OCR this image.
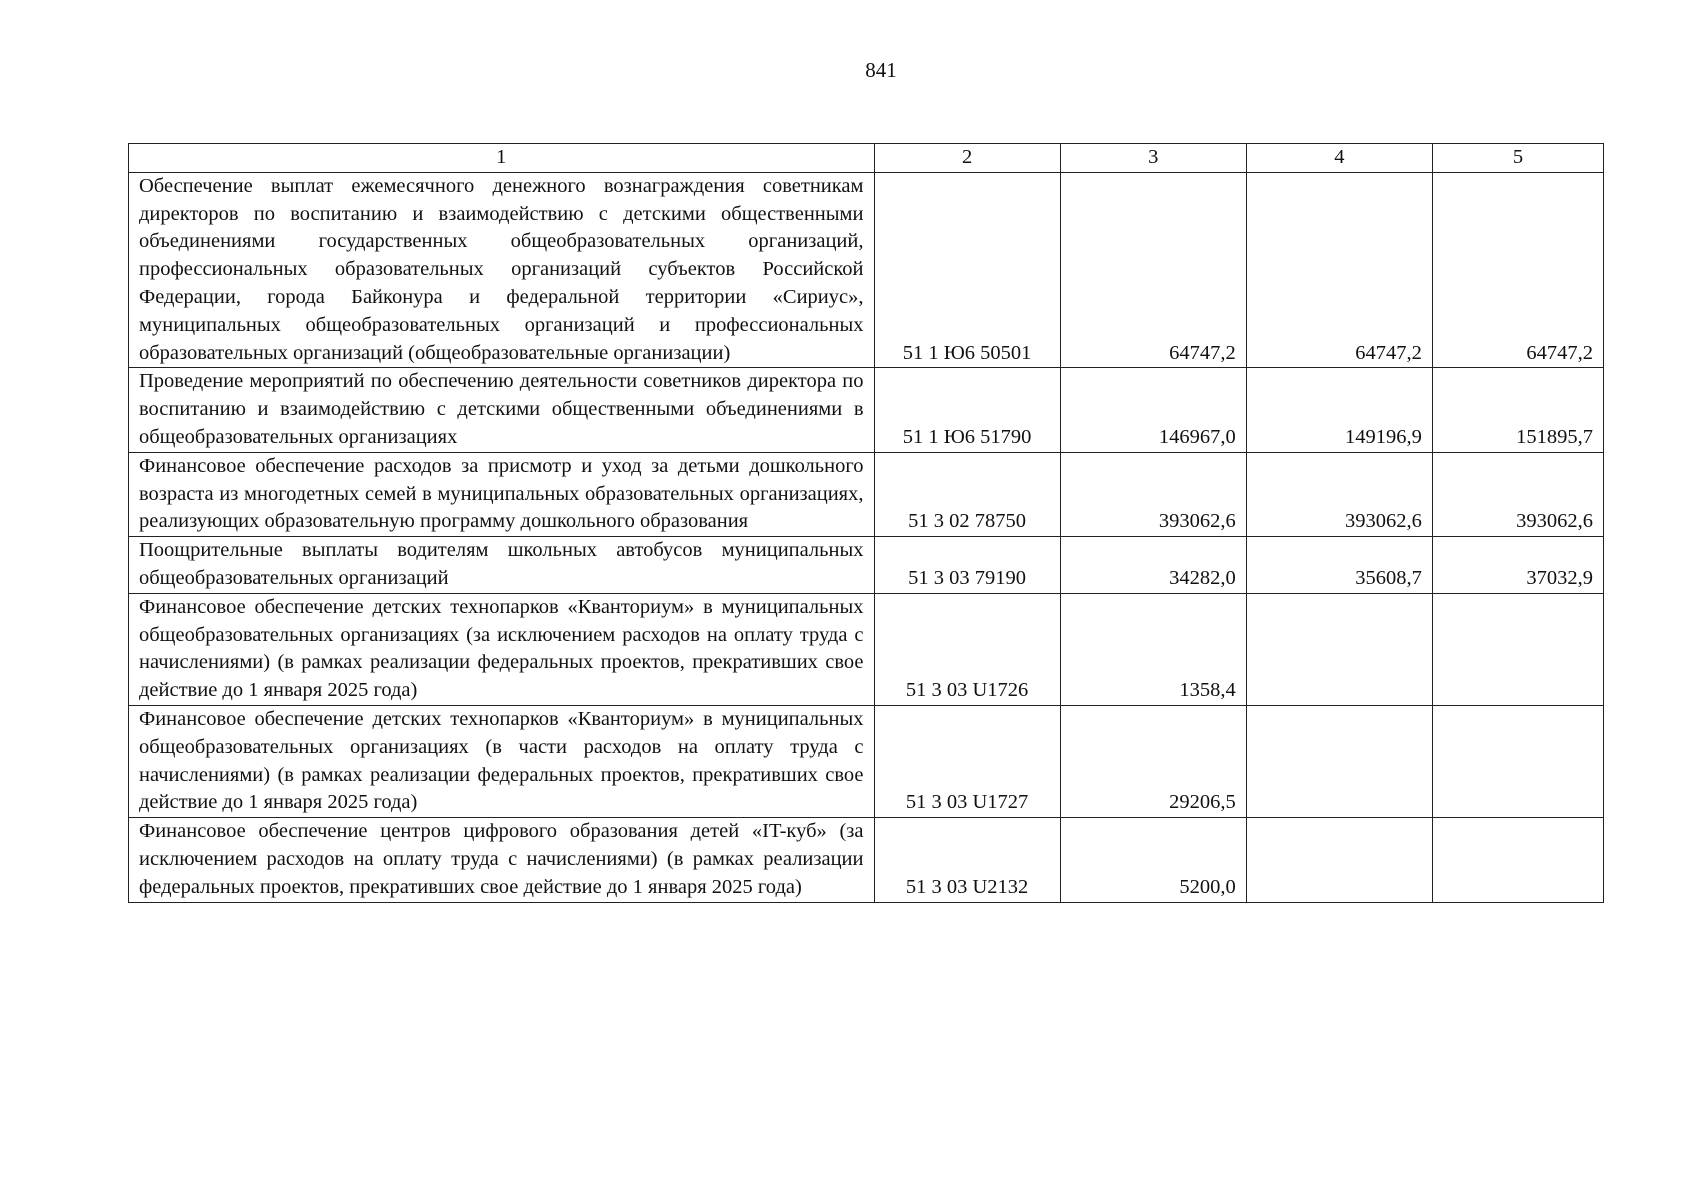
841
1	2	3	4	5
Обеспечение выплат ежемесячного денежного вознаграждения советникам директоров по воспитанию и взаимодействию с детскими общественными объединениями государственных общеобразовательных организаций, профессиональных образовательных организаций субъектов Российской Федерации, города Байконура и федеральной территории «Сириус», муниципальных общеобразовательных организаций и профессиональных образовательных организаций (общеобразовательные организации)	51 1 Ю6 50501	64747,2	64747,2	64747,2
Проведение мероприятий по обеспечению деятельности советников директора по воспитанию и взаимодействию с детскими общественными объединениями в общеобразовательных организациях	51 1 Ю6 51790	146967,0	149196,9	151895,7
Финансовое обеспечение расходов за присмотр и уход за детьми дошкольного возраста из многодетных семей в муниципальных образовательных организациях, реализующих образовательную программу дошкольного образования	51 3 02 78750	393062,6	393062,6	393062,6
Поощрительные выплаты водителям школьных автобусов муниципальных общеобразовательных организаций	51 3 03 79190	34282,0	35608,7	37032,9
Финансовое обеспечение детских технопарков «Кванториум» в муниципальных общеобразовательных организациях (за исключением расходов на оплату труда с начислениями) (в рамках реализации федеральных проектов, прекративших свое действие до 1 января 2025 года)	51 3 03 U1726	1358,4		
Финансовое обеспечение детских технопарков «Кванториум» в муниципальных общеобразовательных организациях (в части расходов на оплату труда с начислениями) (в рамках реализации федеральных проектов, прекративших свое действие до 1 января 2025 года)	51 3 03 U1727	29206,5		
Финансовое обеспечение центров цифрового образования детей «IT-куб» (за исключением расходов на оплату труда с начислениями) (в рамках реализации федеральных проектов, прекративших свое действие до 1 января 2025 года)	51 3 03 U2132	5200,0		
